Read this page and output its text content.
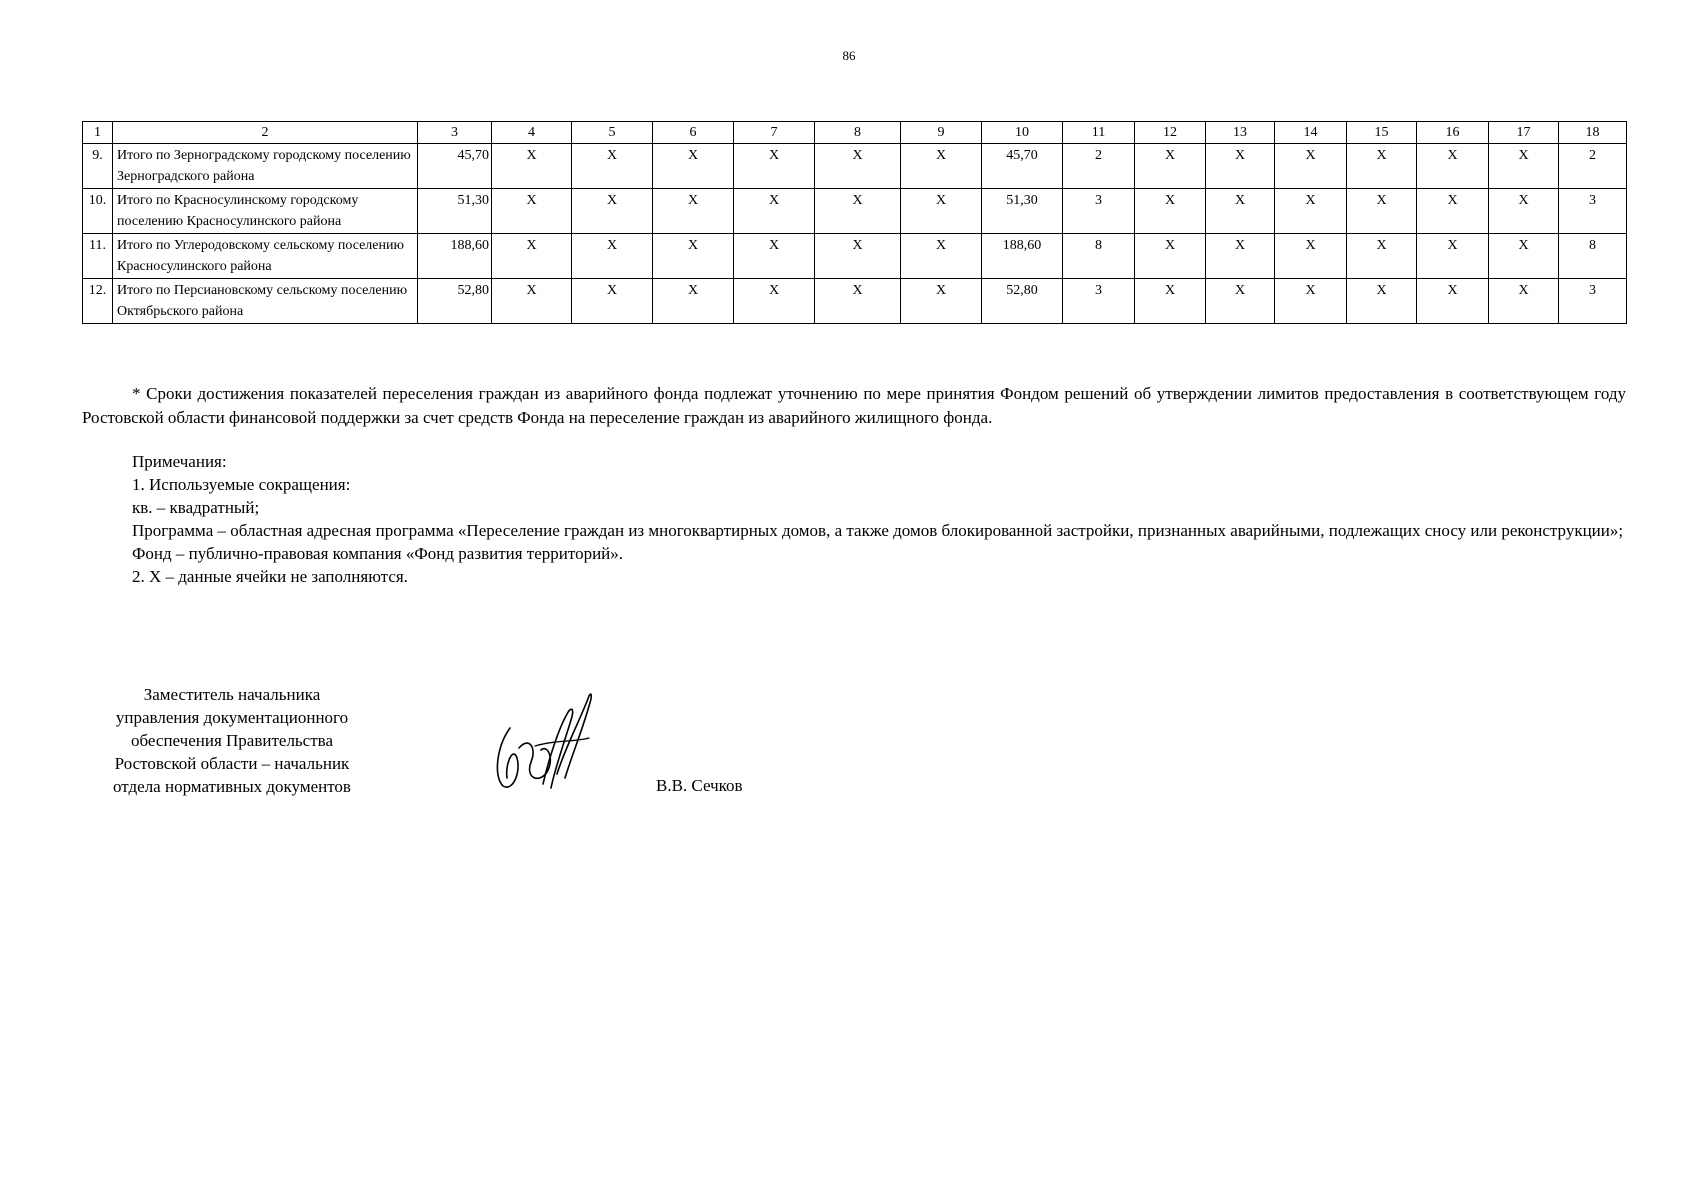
86
1	2	3	4	5	6	7	8	9	10	11	12	13	14	15	16	17	18
9.	Итого по Зерноградскому городскому поселению Зерноградского района	45,70	X	X	X	X	X	X	45,70	2	X	X	X	X	X	X	2
10.	Итого по Красносулинскому городскому поселению Красносулинского района	51,30	X	X	X	X	X	X	51,30	3	X	X	X	X	X	X	3
11.	Итого по Углеродовскому сельскому поселению Красносулинского района	188,60	X	X	X	X	X	X	188,60	8	X	X	X	X	X	X	8
12.	Итого по Персиановскому сельскому поселению Октябрьского района	52,80	X	X	X	X	X	X	52,80	3	X	X	X	X	X	X	3

* Сроки достижения показателей переселения граждан из аварийного фонда подлежат уточнению по мере принятия Фондом решений об утверждении лимитов предоставления в соответствующем году Ростовской области финансовой поддержки за счет средств Фонда на переселение граждан из аварийного жилищного фонда.

Примечания:

1. Используемые сокращения:

кв. – квадратный;

Программа – областная адресная программа «Переселение граждан из многоквартирных домов, а также домов блокированной застройки, признанных аварийными, подлежащих сносу или реконструкции»;

Фонд – публично-правовая компания «Фонд развития территорий».

2. X – данные ячейки не заполняются.

Заместитель начальника
управления документационного
обеспечения Правительства
Ростовской области – начальник
отдела нормативных документов	В.В. Сечков
